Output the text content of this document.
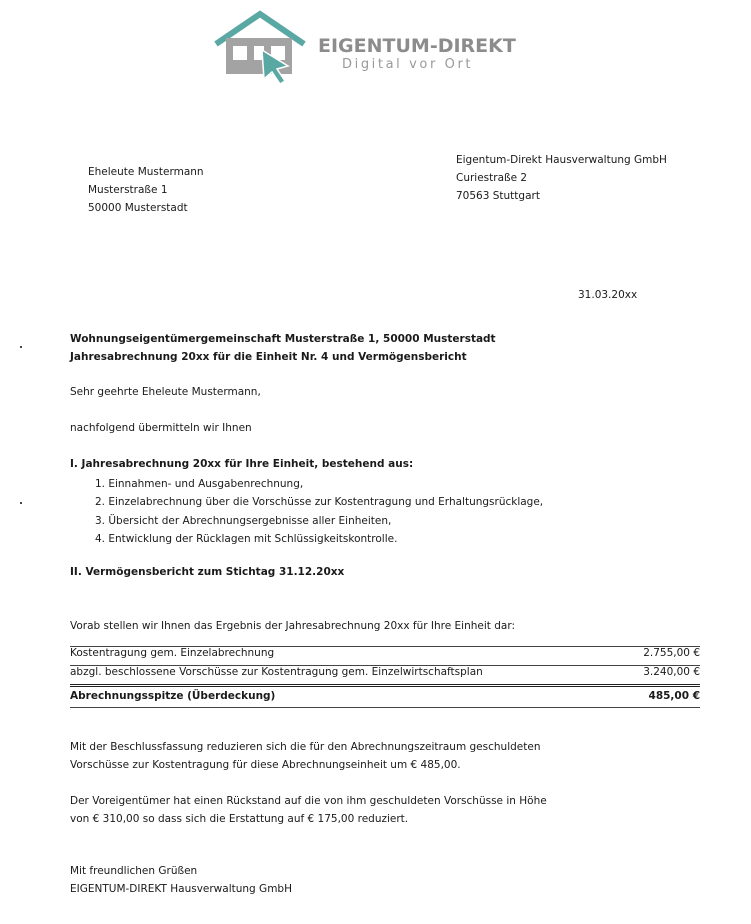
EIGENTUM-DIREKT
Digital vor Ort
Eheleute Mustermann
Musterstraße 1
50000 Musterstadt
Eigentum-Direkt Hausverwaltung GmbH
Curiestraße 2
70563 Stuttgart
31.03.20xx
Wohnungseigentümergemeinschaft Musterstraße 1, 50000 Musterstadt
Jahresabrechnung 20xx für die Einheit Nr. 4 und Vermögensbericht
Sehr geehrte Eheleute Mustermann,
nachfolgend übermitteln wir Ihnen
I. Jahresabrechnung 20xx für Ihre Einheit, bestehend aus:
1. Einnahmen- und Ausgabenrechnung,
2. Einzelabrechnung über die Vorschüsse zur Kostentragung und Erhaltungsrücklage,
3. Übersicht der Abrechnungsergebnisse aller Einheiten,
4. Entwicklung der Rücklagen mit Schlüssigkeitskontrolle.
II. Vermögensbericht zum Stichtag 31.12.20xx
Vorab stellen wir Ihnen das Ergebnis der Jahresabrechnung 20xx für Ihre Einheit dar:
Kostentragung gem. Einzelabrechnung	2.755,00 €
abzgl. beschlossene Vorschüsse zur Kostentragung gem. Einzelwirtschaftsplan	3.240,00 €
Abrechnungsspitze (Überdeckung)	485,00 €
Mit der Beschlussfassung reduzieren sich die für den Abrechnungszeitraum geschuldeten
Vorschüsse zur Kostentragung für diese Abrechnungseinheit um € 485,00.
Der Voreigentümer hat einen Rückstand auf die von ihm geschuldeten Vorschüsse in Höhe
von € 310,00 so dass sich die Erstattung auf € 175,00 reduziert.
Mit freundlichen Grüßen
EIGENTUM-DIREKT Hausverwaltung GmbH
